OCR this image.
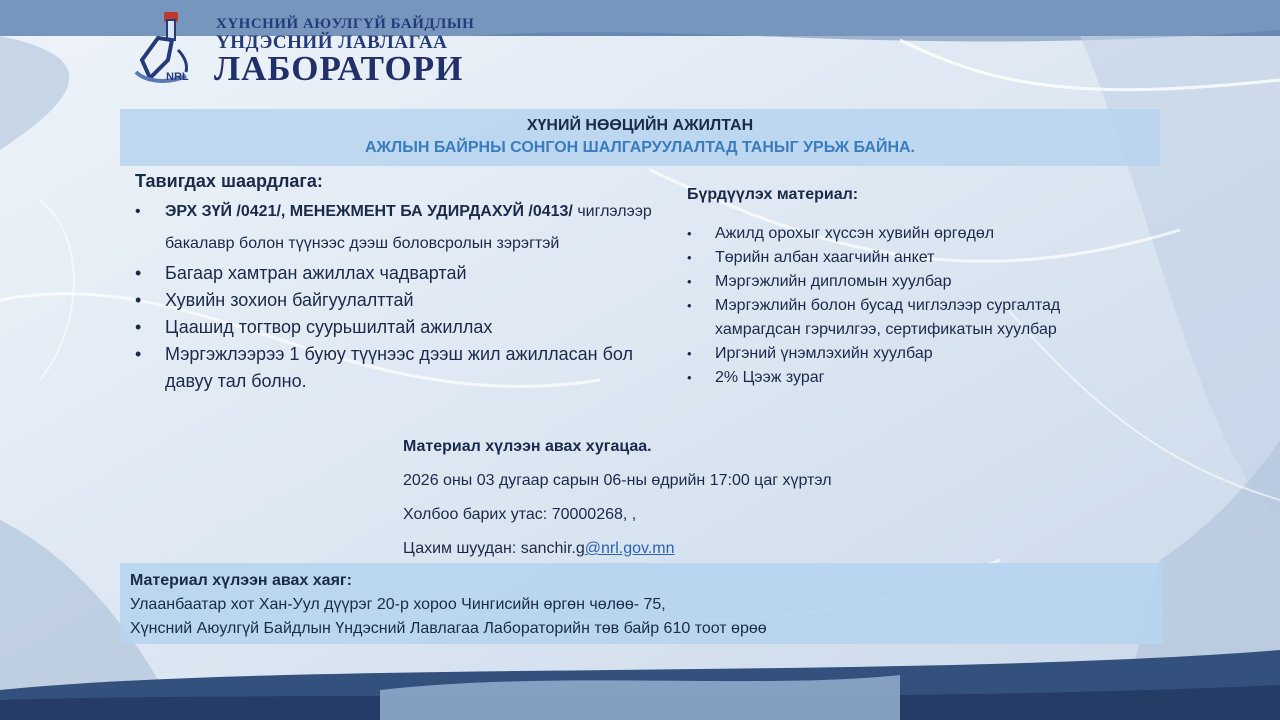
NRL
ХҮНСНИЙ АЮУЛГҮЙ БАЙДЛЫН
ҮНДЭСНИЙ ЛАВЛАГАА
ЛАБОРАТОРИ
ХҮНИЙ НӨӨЦИЙН АЖИЛТАН
АЖЛЫН БАЙРНЫ СОНГОН ШАЛГАРУУЛАЛТАД ТАНЫГ УРЬЖ БАЙНА.
Тавигдах шаардлага:
• ЭРХ ЗҮЙ /0421/, МЕНЕЖМЕНТ БА УДИРДАХУЙ /0413/ чиглэлээр бакалавр болон түүнээс дээш боловсролын зэрэгтэй
• Багаар хамтран ажиллах чадвартай
• Хувийн зохион байгуулалттай
• Цаашид тогтвор суурьшилтай ажиллах
• Мэргэжлээрээ 1 буюу түүнээс дээш жил ажилласан бол давуу тал болно.
Бүрдүүлэх материал:
• Ажилд орохыг хүссэн хувийн өргөдөл
• Төрийн албан хаагчийн анкет
• Мэргэжлийн дипломын хуулбар
• Мэргэжлийн болон бусад чиглэлээр сургалтад хамрагдсан гэрчилгээ, сертификатын хуулбар
• Иргэний үнэмлэхийн хуулбар
• 2% Цээж зураг
Материал хүлээн авах хугацаа.
2026 оны 03 дугаар сарын 06-ны өдрийн 17:00 цаг хүртэл
Холбоо барих утас: 70000268, ,
Цахим шуудан: sanchir.g@nrl.gov.mn
Материал хүлээн авах хаяг:
Улаанбаатар хот Хан-Уул дүүрэг 20-р хороо Чингисийн өргөн чөлөө- 75,
Хүнсний Аюулгүй Байдлын Үндэсний Лавлагаа Лабораторийн төв байр 610 тоот өрөө
